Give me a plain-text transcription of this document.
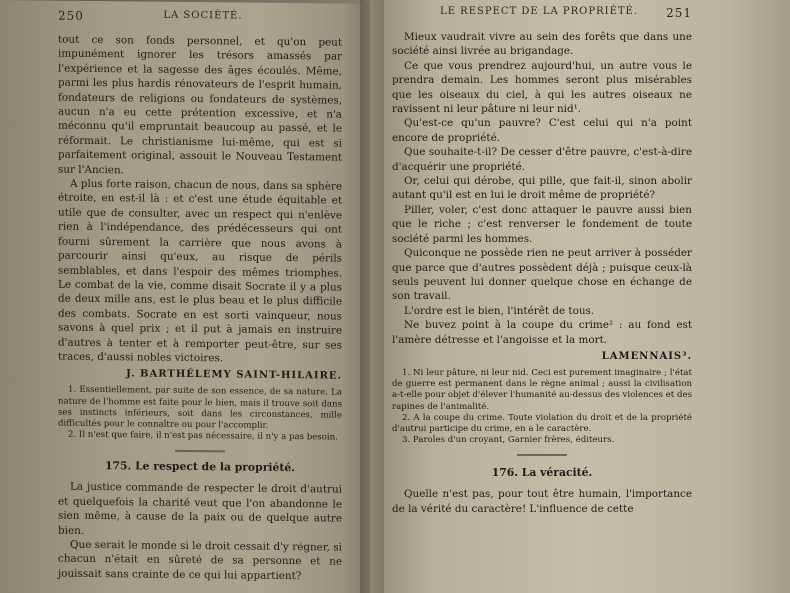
250	LA SOCIÉTÉ.

tout ce son fonds personnel, et qu'on peut impunément ignorer les trésors amassés par l'expérience et la sagesse des âges écoulés. Même, parmi les plus hardis rénovateurs de l'esprit humain, fondateurs de religions ou fondateurs de systèmes, aucun n'a eu cette prétention excessive, et n'a méconnu qu'il empruntait beaucoup au passé, et le réformait. Le christianisme lui-même, qui est si parfaitement original, assouit le Nouveau Testament sur l'Ancien.

A plus forte raison, chacun de nous, dans sa sphère étroite, en est-il là : et c'est une étude équitable et utile que de consulter, avec un respect qui n'enlève rien à l'indépendance, des prédécesseurs qui ont fourni sûrement la carrière que nous avons à parcourir ainsi qu'eux, au risque de périls semblables, et dans l'espoir des mêmes triomphes. Le combat de la vie, comme disait Socrate il y a plus de deux mille ans, est le plus beau et le plus difficile des combats. Socrate en est sorti vainqueur, nous savons à quel prix ; et il put à jamais en instruire d'autres à tenter et à remporter peut-être, sur ses traces, d'aussi nobles victoires.

J. BARTHÉLEMY SAINT-HILAIRE.

1. Essentiellement, par suite de son essence, de sa nature. La nature de l'homme est faite pour le bien, mais il trouve soit dans ses instincts inférieurs, soit dans les circonstances, mille difficultés pour le connaître ou pour l'accomplir.

2. Il n'est que faire, il n'est pas nécessaire, il n'y a pas besoin.

175. Le respect de la propriété.

La justice commande de respecter le droit d'autrui et quelquefois la charité veut que l'on abandonne le sien même, à cause de la paix ou de quelque autre bien.

Que serait le monde si le droit cessait d'y régner, si chacun n'était en sûreté de sa personne et ne jouissait sans crainte de ce qui lui appartient?

LE RESPECT DE LA PROPRIÉTÉ. 251

Mieux vaudrait vivre au sein des forêts que dans une société ainsi livrée au brigandage.

Ce que vous prendrez aujourd'hui, un autre vous le prendra demain. Les hommes seront plus misérables que les oiseaux du ciel, à qui les autres oiseaux ne ravissent ni leur pâture ni leur nid¹.

Qu'est-ce qu'un pauvre? C'est celui qui n'a point encore de propriété.

Que souhaite-t-il? De cesser d'être pauvre, c'est-à-dire d'acquérir une propriété.

Or, celui qui dérobe, qui pille, que fait-il, sinon abolir autant qu'il est en lui le droit même de propriété?

Piller, voler, c'est donc attaquer le pauvre aussi bien que le riche ; c'est renverser le fondement de toute société parmi les hommes.

Quiconque ne possède rien ne peut arriver à posséder que parce que d'autres possèdent déjà ; puisque ceux-là seuls peuvent lui donner quelque chose en échange de son travail.

L'ordre est le bien, l'intérêt de tous.

Ne buvez point à la coupe du crime² : au fond est l'amère détresse et l'angoisse et la mort.

LAMENNAIS³.

1. Ni leur pâture, ni leur nid. Ceci est purement imaginaire ; l'état de guerre est permanent dans le règne animal ; aussi la civilisation a-t-elle pour objet d'élever l'humanité au-dessus des violences et des rapines de l'animalité.

2. A la coupe du crime. Toute violation du droit et de la propriété d'autrui participe du crime, en a le caractère.

3. Paroles d'un croyant, Garnier frères, éditeurs.

176. La véracité.

Quelle n'est pas, pour tout être humain, l'importance de la vérité du caractère! L'influence de cette
